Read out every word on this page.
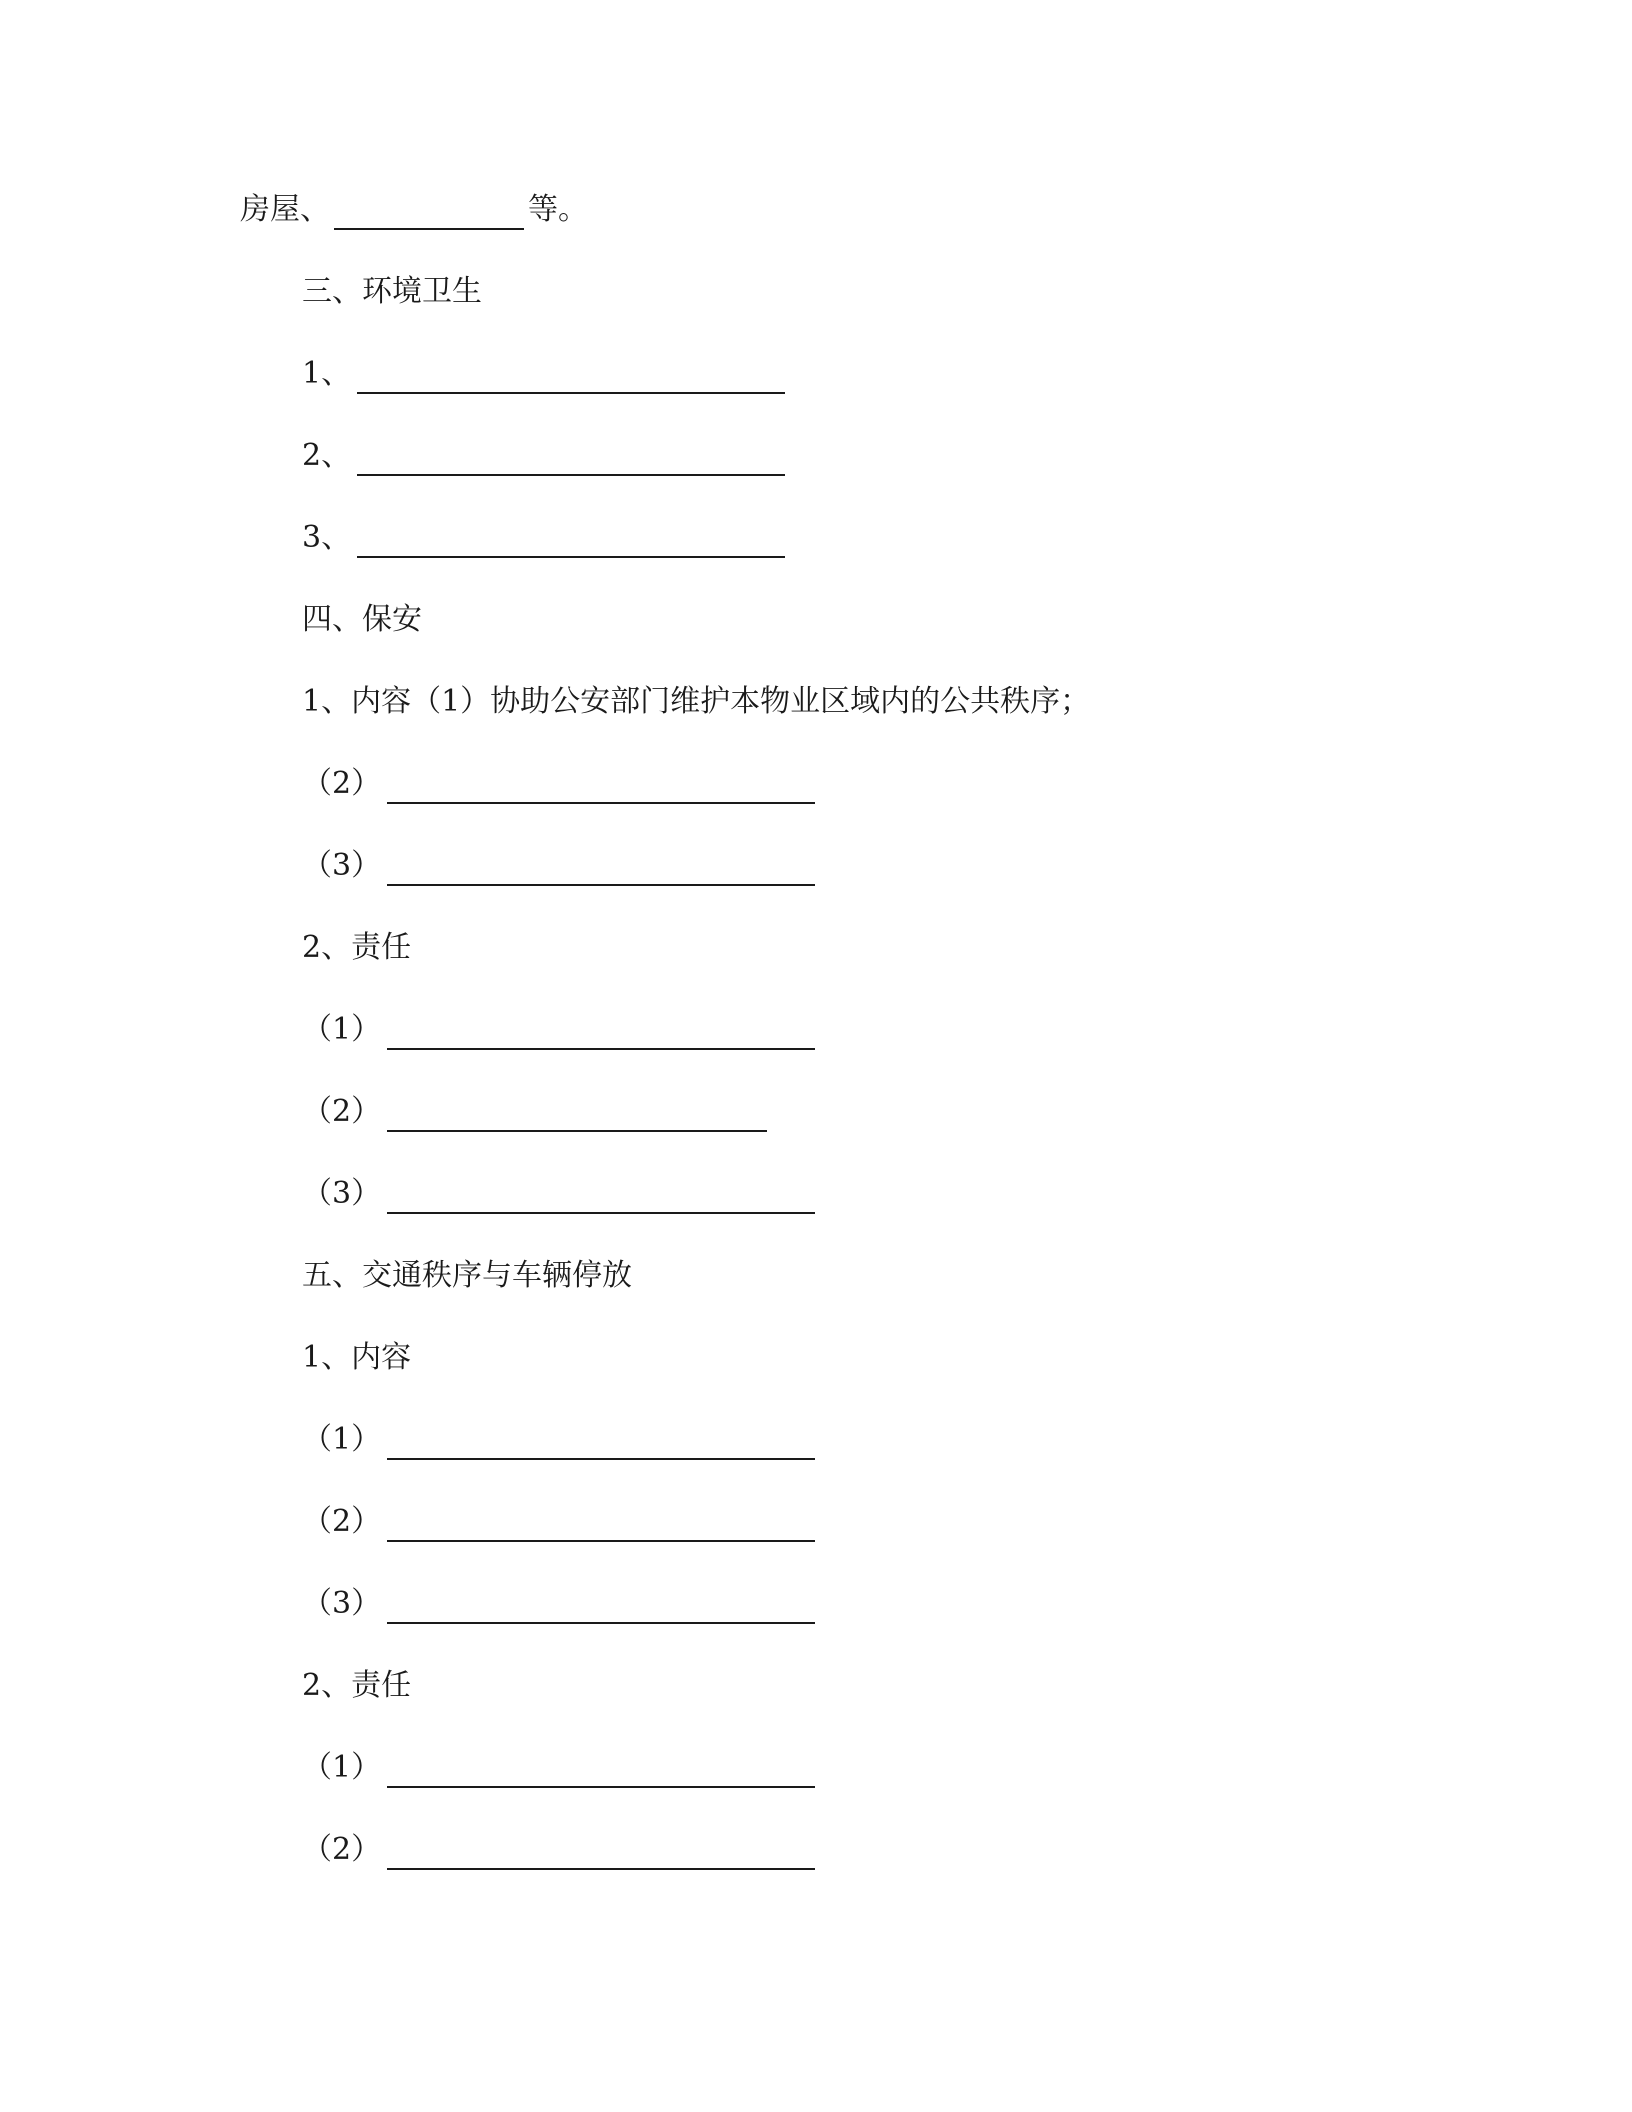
房屋、	等。
三、环境卫生
1、
2、
3、
四、保安
1、内容（1）协助公安部门维护本物业区域内的公共秩序；
（2）
（3）
2、责任
（1）
（2）
（3）
五、交通秩序与车辆停放
1、内容
（1）
（2）
（3）
2、责任
（1）
（2）
